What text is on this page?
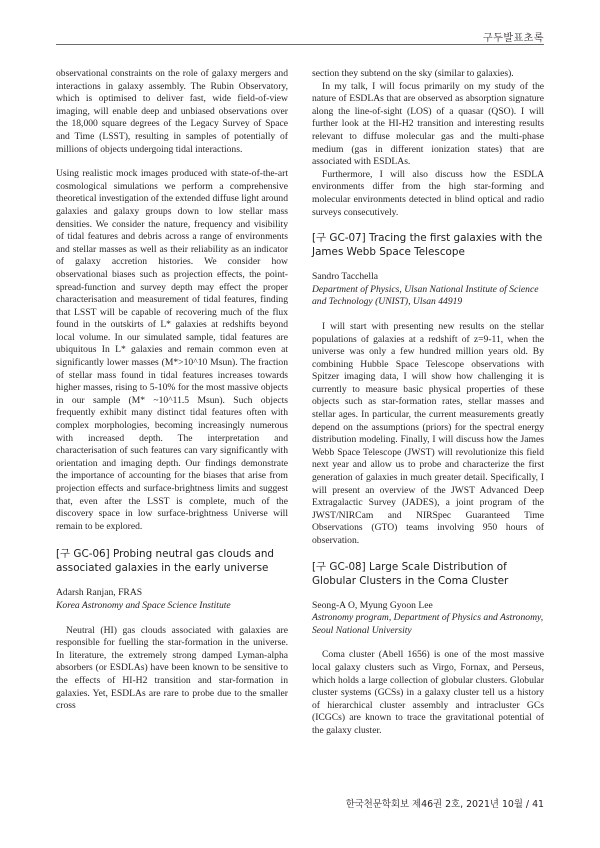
구두발표초록

observational constraints on the role of galaxy mergers and interactions in galaxy assembly. The Rubin Observatory, which is optimised to deliver fast, wide field-of-view imaging, will enable deep and unbiased observations over the 18,000 square degrees of the Legacy Survey of Space and Time (LSST), resulting in samples of potentially of millions of objects undergoing tidal interactions.

Using realistic mock images produced with state-of-the-art cosmological simulations we perform a comprehensive theoretical investigation of the extended diffuse light around galaxies and galaxy groups down to low stellar mass densities. We consider the nature, frequency and visibility of tidal features and debris across a range of environments and stellar masses as well as their reliability as an indicator of galaxy accretion histories. We consider how observational biases such as projection effects, the point-spread-function and survey depth may effect the proper characterisation and measurement of tidal features, finding that LSST will be capable of recovering much of the flux found in the outskirts of L* galaxies at redshifts beyond local volume. In our simulated sample, tidal features are ubiquitous In L* galaxies and remain common even at significantly lower masses (M*>10^10 Msun). The fraction of stellar mass found in tidal features increases towards higher masses, rising to 5-10% for the most massive objects in our sample (M* ~10^11.5 Msun). Such objects frequently exhibit many distinct tidal features often with complex morphologies, becoming increasingly numerous with increased depth. The interpretation and characterisation of such features can vary significantly with orientation and imaging depth. Our findings demonstrate the importance of accounting for the biases that arise from projection effects and surface-brightness limits and suggest that, even after the LSST is complete, much of the discovery space in low surface-brightness Universe will remain to be explored.

[구 GC-06] Probing neutral gas clouds and associated galaxies in the early universe

Adarsh Ranjan, FRAS

Korea Astronomy and Space Science Institute

Neutral (HI) gas clouds associated with galaxies are responsible for fuelling the star-formation in the universe. In literature, the extremely strong damped Lyman-alpha absorbers (or ESDLAs) have been known to be sensitive to the effects of HI-H2 transition and star-formation in galaxies. Yet, ESDLAs are rare to probe due to the smaller cross

section they subtend on the sky (similar to galaxies).

In my talk, I will focus primarily on my study of the nature of ESDLAs that are observed as absorption signature along the line-of-sight (LOS) of a quasar (QSO). I will further look at the HI-H2 transition and interesting results relevant to diffuse molecular gas and the multi-phase medium (gas in different ionization states) that are associated with ESDLAs.

Furthermore, I will also discuss how the ESDLA environments differ from the high star-forming and molecular environments detected in blind optical and radio surveys consecutively.

[구 GC-07] Tracing the first galaxies with the James Webb Space Telescope

Sandro Tacchella

Department of Physics, Ulsan National Institute of Science and Technology (UNIST), Ulsan 44919

I will start with presenting new results on the stellar populations of galaxies at a redshift of z=9-11, when the universe was only a few hundred million years old. By combining Hubble Space Telescope observations with Spitzer imaging data, I will show how challenging it is currently to measure basic physical properties of these objects such as star-formation rates, stellar masses and stellar ages. In particular, the current measurements greatly depend on the assumptions (priors) for the spectral energy distribution modeling. Finally, I will discuss how the James Webb Space Telescope (JWST) will revolutionize this field next year and allow us to probe and characterize the first generation of galaxies in much greater detail. Specifically, I will present an overview of the JWST Advanced Deep Extragalactic Survey (JADES), a joint program of the JWST/NIRCam and NIRSpec Guaranteed Time Observations (GTO) teams involving 950 hours of observation.

[구 GC-08] Large Scale Distribution of Globular Clusters in the Coma Cluster

Seong-A O, Myung Gyoon Lee

Astronomy program, Department of Physics and Astronomy, Seoul National University

Coma cluster (Abell 1656) is one of the most massive local galaxy clusters such as Virgo, Fornax, and Perseus, which holds a large collection of globular clusters. Globular cluster systems (GCSs) in a galaxy cluster tell us a history of hierarchical cluster assembly and intracluster GCs (ICGCs) are known to trace the gravitational potential of the galaxy cluster.

한국천문학회보 제46권 2호, 2021년 10월 / 41
